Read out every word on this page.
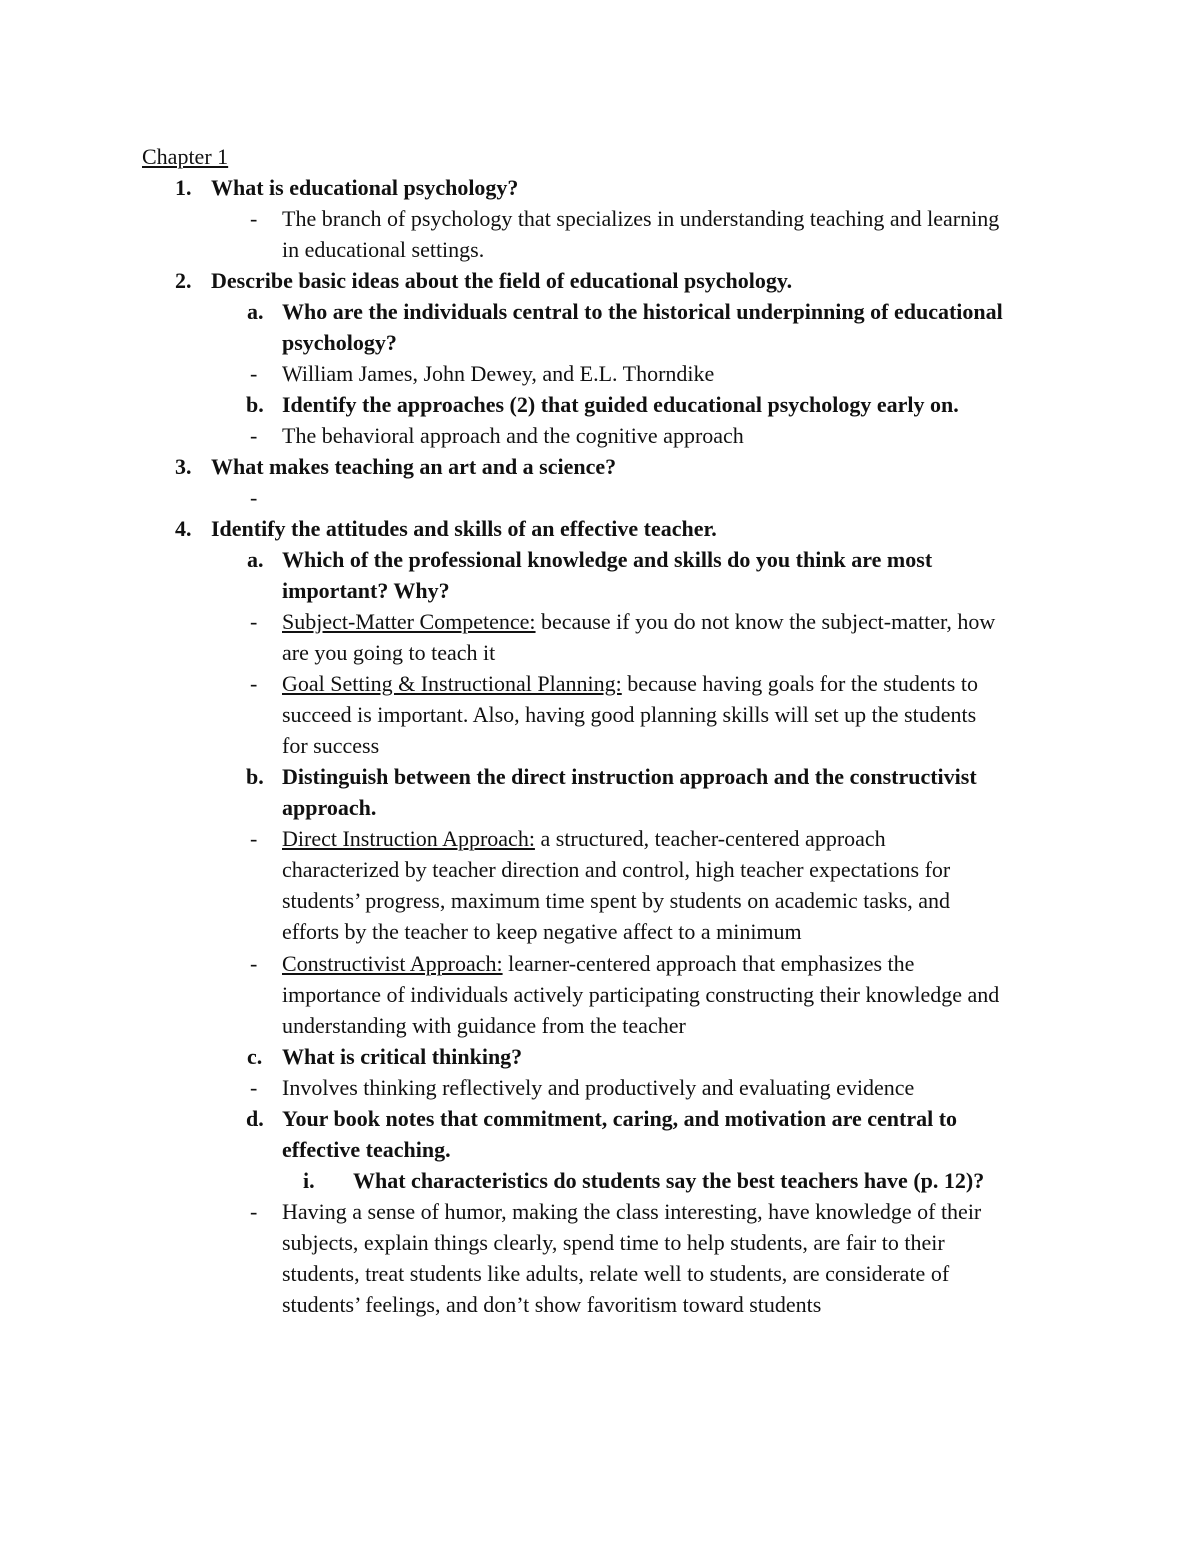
Chapter 1
1. What is educational psychology?
- The branch of psychology that specializes in understanding teaching and learning
in educational settings.
2. Describe basic ideas about the field of educational psychology.
a. Who are the individuals central to the historical underpinning of educational
psychology?
- William James, John Dewey, and E.L. Thorndike
b. Identify the approaches (2) that guided educational psychology early on.
- The behavioral approach and the cognitive approach
3. What makes teaching an art and a science?
-
4. Identify the attitudes and skills of an effective teacher.
a. Which of the professional knowledge and skills do you think are most
important? Why?
- Subject-Matter Competence: because if you do not know the subject-matter, how
are you going to teach it
- Goal Setting & Instructional Planning: because having goals for the students to
succeed is important. Also, having good planning skills will set up the students
for success
b. Distinguish between the direct instruction approach and the constructivist
approach.
- Direct Instruction Approach: a structured, teacher-centered approach
characterized by teacher direction and control, high teacher expectations for
students’ progress, maximum time spent by students on academic tasks, and
efforts by the teacher to keep negative affect to a minimum
- Constructivist Approach: learner-centered approach that emphasizes the
importance of individuals actively participating constructing their knowledge and
understanding with guidance from the teacher
c. What is critical thinking?
- Involves thinking reflectively and productively and evaluating evidence
d. Your book notes that commitment, caring, and motivation are central to
effective teaching.
i. What characteristics do students say the best teachers have (p. 12)?
- Having a sense of humor, making the class interesting, have knowledge of their
subjects, explain things clearly, spend time to help students, are fair to their
students, treat students like adults, relate well to students, are considerate of
students’ feelings, and don’t show favoritism toward students
